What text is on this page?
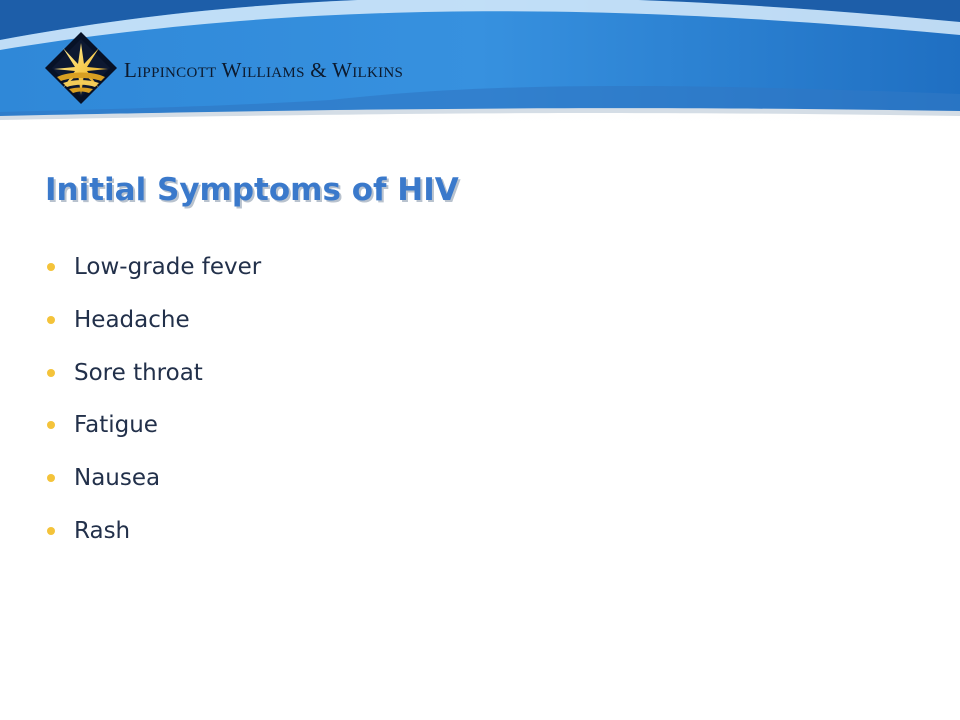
Lippincott Williams & Wilkins
Initial Symptoms of HIV
Low-grade fever
Headache
Sore throat
Fatigue
Nausea
Rash
